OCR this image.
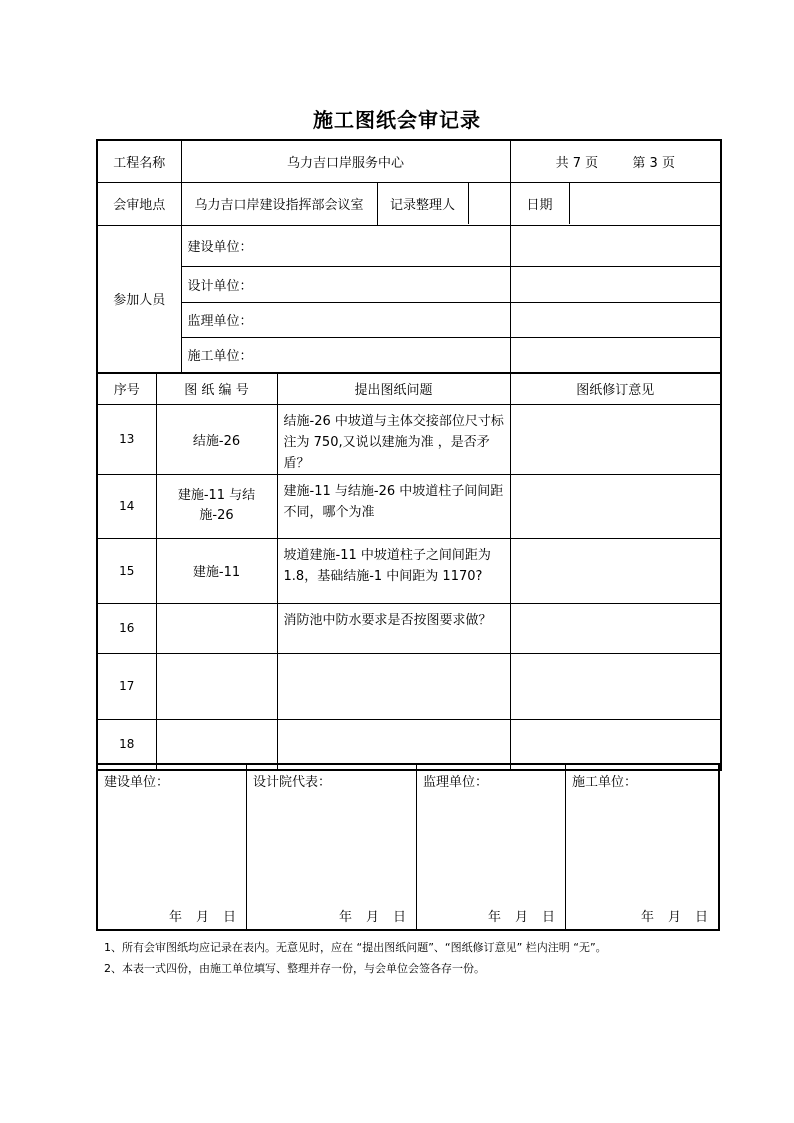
施工图纸会审记录
工程名称		乌力吉口岸服务中心			共 7 页 第 3 页
会审地点		乌力吉口岸建设指挥部会议室		记录整理人	日期

参加人员		建设单位：			
		设计单位：			
		监理单位：			
		施工单位：			
序号	图 纸 编 号		提出图纸问题		图纸修订意见
13	结施-26		结施-26 中坡道与主体交接部位尺寸标注为 750,又说以建施为准 ，是否矛盾？		
14	建施-11 与结施-26		建施-11 与结施-26 中坡道柱子间间距不同，哪个为准		
15	建施-11		坡道建施-11 中坡道柱子之间间距为 1.8，基础结施-1 中间距为 1170?		
16			消防池中防水要求是否按图要求做？		
17					
18					
建设单位：
年 月 日
设计院代表：
年 月 日
监理单位：
年 月 日
施工单位：
年 月 日
1、所有会审图纸均应记录在表内。无意见时，应在 “提出图纸问题”、“图纸修订意见” 栏内注明 “无”。
2、本表一式四份，由施工单位填写、整理并存一份，与会单位会签各存一份。
